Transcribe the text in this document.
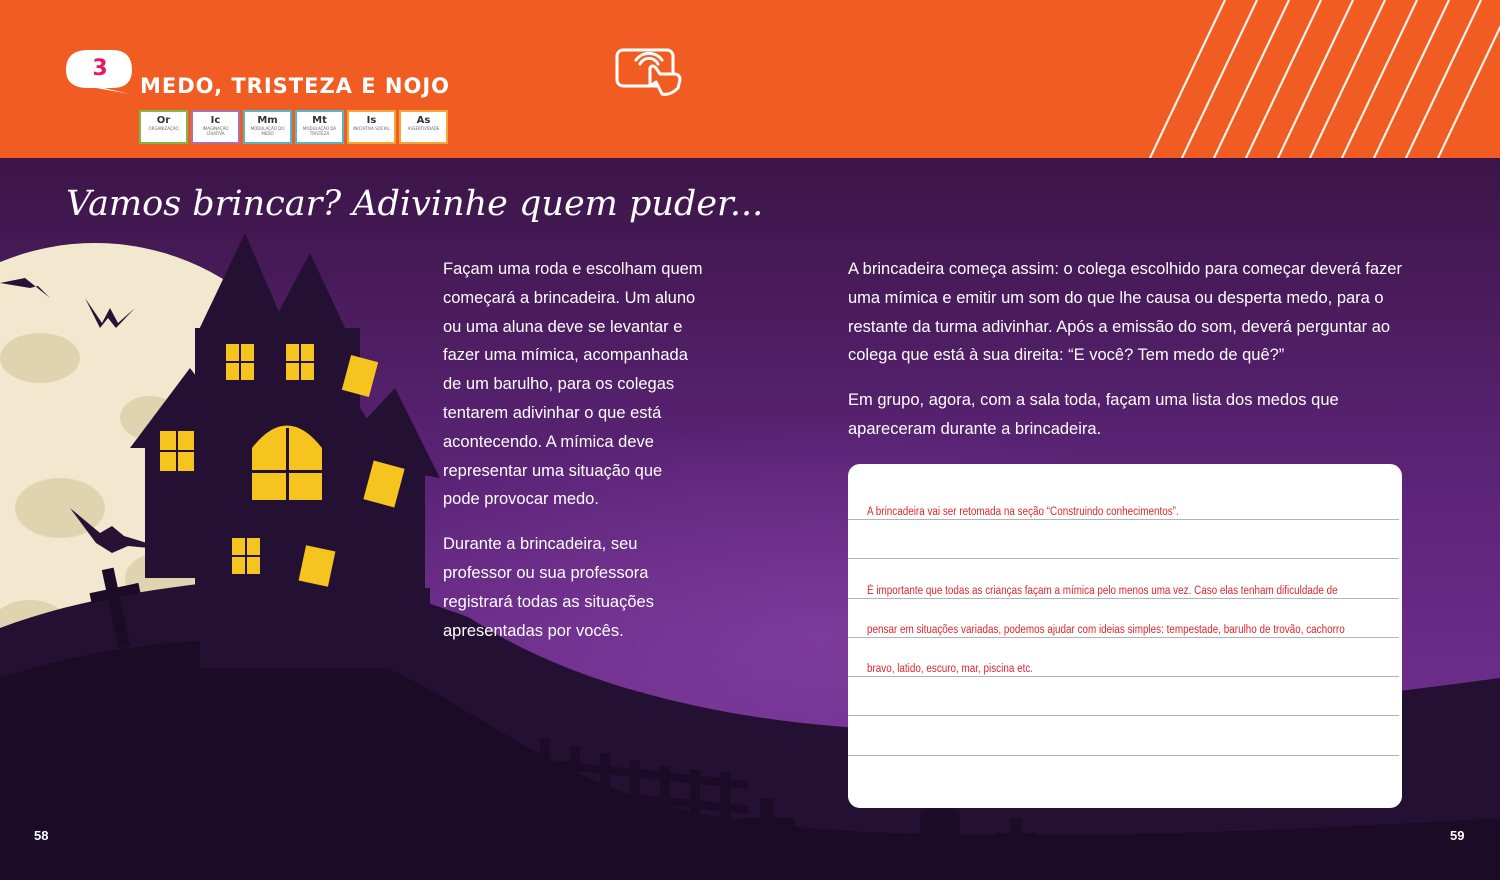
3
MEDO, TRISTEZA E NOJO
Or
ORGANIZAÇÃO
Ic
IMAGINAÇÃO CRIATIVA
Mm
MODULAÇÃO DO MEDO
Mt
MODULAÇÃO DA TRISTEZA
Is
INICIATIVA SOCIAL
As
ASSERTIVIDADE
Vamos brincar? Adivinhe quem puder...

Façam uma roda e escolham quem começará a brincadeira. Um aluno ou uma aluna deve se levantar e fazer uma mímica, acompanhada de um barulho, para os colegas tentarem adivinhar o que está acontecendo. A mímica deve representar uma situação que pode provocar medo.

Durante a brincadeira, seu professor ou sua professora registrará todas as situações apresentadas por vocês.

A brincadeira começa assim: o colega escolhido para começar deverá fazer uma mímica e emitir um som do que lhe causa ou desperta medo, para o restante da turma adivinhar. Após a emissão do som, deverá perguntar ao colega que está à sua direita: “E você? Tem medo de quê?”

Em grupo, agora, com a sala toda, façam uma lista dos medos que apareceram durante a brincadeira.

A brincadeira vai ser retomada na seção “Construindo conhecimentos”.
É importante que todas as crianças façam a mímica pelo menos uma vez. Caso elas tenham dificuldade de
pensar em situações variadas, podemos ajudar com ideias simples: tempestade, barulho de trovão, cachorro
bravo, latido, escuro, mar, piscina etc.
58	59
